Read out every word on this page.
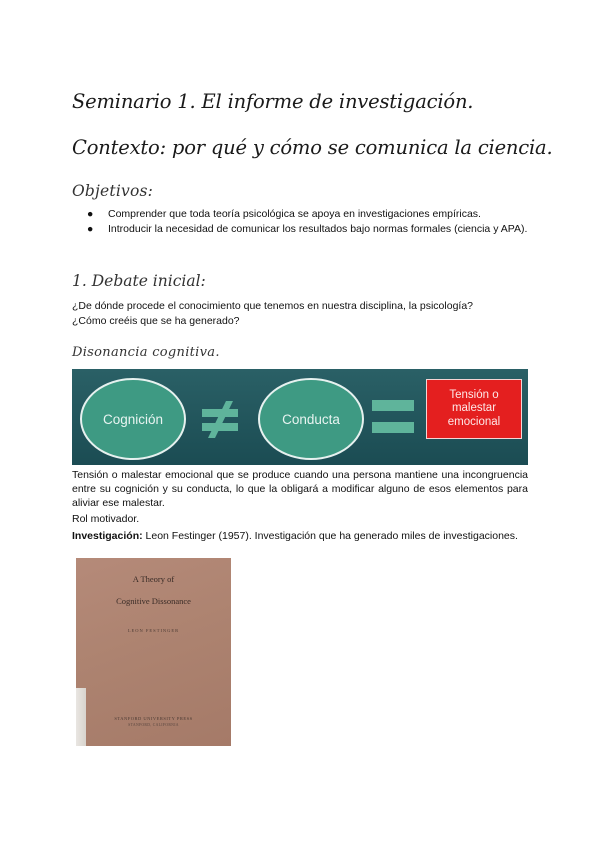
Seminario 1. El informe de investigación.
Contexto: por qué y cómo se comunica la ciencia.
Objetivos:
● Comprender que toda teoría psicológica se apoya en investigaciones empíricas.
● Introducir la necesidad de comunicar los resultados bajo normas formales (ciencia y APA).
1. Debate inicial:
¿De dónde procede el conocimiento que tenemos en nuestra disciplina, la psicología?
¿Cómo creéis que se ha generado?
Disonancia cognitiva.
Cognición	Conducta
Tensión o malestar emocional
Tensión o malestar emocional que se produce cuando una persona mantiene una incongruencia entre su cognición y su conducta, lo que la obligará a modificar alguno de esos elementos para aliviar ese malestar.
Rol motivador.
Investigación: Leon Festinger (1957). Investigación que ha generado miles de investigaciones.
A Theory of
Cognitive Dissonance
LEON FESTINGER
STANFORD UNIVERSITY PRESS
STANFORD, CALIFORNIA
